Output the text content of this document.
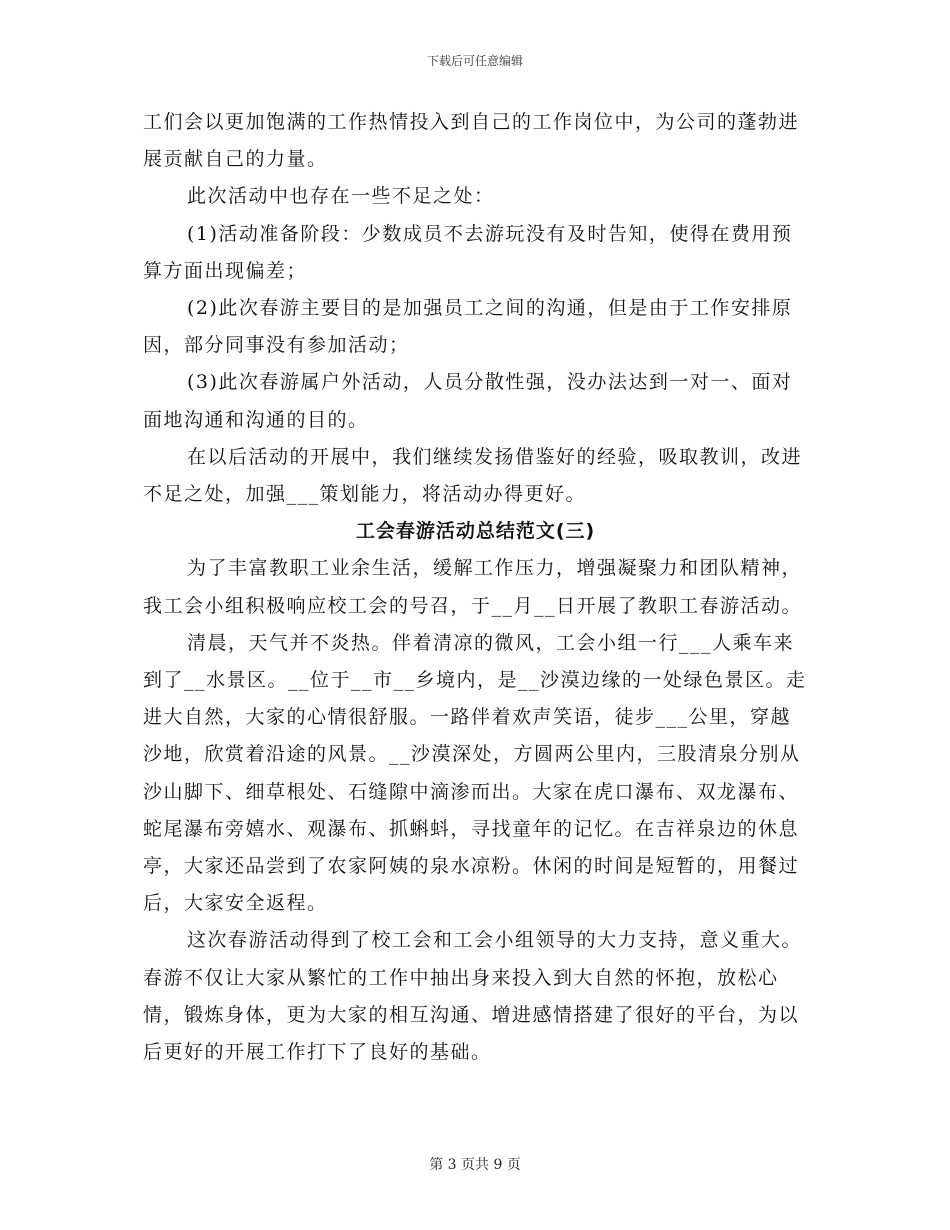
下载后可任意编辑

工们会以更加饱满的工作热情投入到自己的工作岗位中，为公司的蓬勃进展贡献自己的力量。

此次活动中也存在一些不足之处：

(1)活动准备阶段：少数成员不去游玩没有及时告知，使得在费用预算方面出现偏差；

(2)此次春游主要目的是加强员工之间的沟通，但是由于工作安排原因，部分同事没有参加活动；

(3)此次春游属户外活动，人员分散性强，没办法达到一对一、面对面地沟通和沟通的目的。

在以后活动的开展中，我们继续发扬借鉴好的经验，吸取教训，改进不足之处，加强___策划能力，将活动办得更好。

工会春游活动总结范文(三)

为了丰富教职工业余生活，缓解工作压力，增强凝聚力和团队精神，我工会小组积极响应校工会的号召，于__月__日开展了教职工春游活动。

清晨，天气并不炎热。伴着清凉的微风，工会小组一行___人乘车来到了__水景区。__位于__市__乡境内，是__沙漠边缘的一处绿色景区。走进大自然，大家的心情很舒服。一路伴着欢声笑语，徒步___公里，穿越沙地，欣赏着沿途的风景。__沙漠深处，方圆两公里内，三股清泉分别从沙山脚下、细草根处、石缝隙中滴渗而出。大家在虎口瀑布、双龙瀑布、蛇尾瀑布旁嬉水、观瀑布、抓蝌蚪，寻找童年的记忆。在吉祥泉边的休息亭，大家还品尝到了农家阿姨的泉水凉粉。休闲的时间是短暂的，用餐过后，大家安全返程。

这次春游活动得到了校工会和工会小组领导的大力支持，意义重大。春游不仅让大家从繁忙的工作中抽出身来投入到大自然的怀抱，放松心情，锻炼身体，更为大家的相互沟通、增进感情搭建了很好的平台，为以后更好的开展工作打下了良好的基础。

第 3 页共 9 页
